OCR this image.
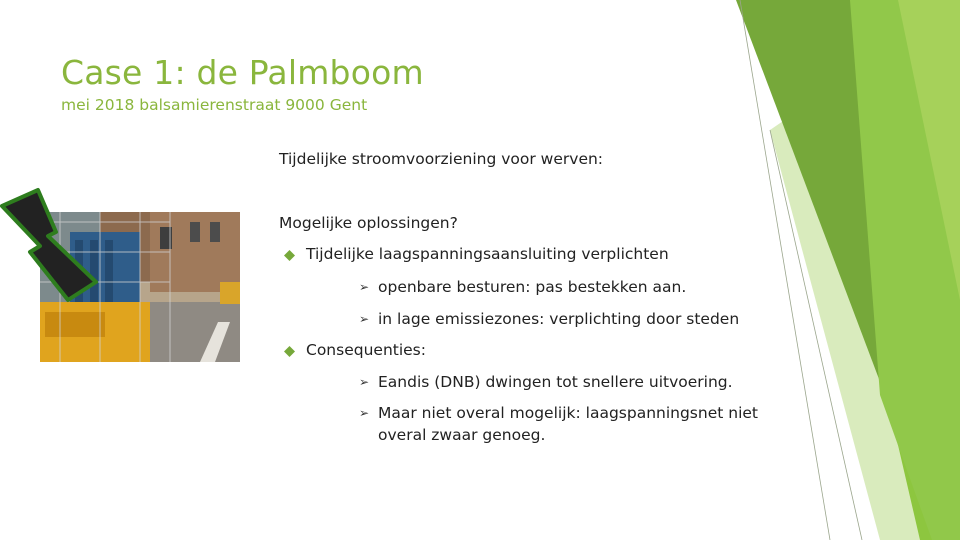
Case 1: de Palmboom
mei 2018 balsamierenstraat 9000 Gent
Tijdelijke stroomvoorziening voor werven:
Mogelijke oplossingen?
Tijdelijke laagspanningsaansluiting verplichten
➢ openbare besturen: pas bestekken aan.
➢ in lage emissiezones: verplichting door steden
Consequenties:
➢ Eandis (DNB) dwingen tot snellere uitvoering.
➢ Maar niet overal mogelijk: laagspanningsnet niet
overal zwaar genoeg.
